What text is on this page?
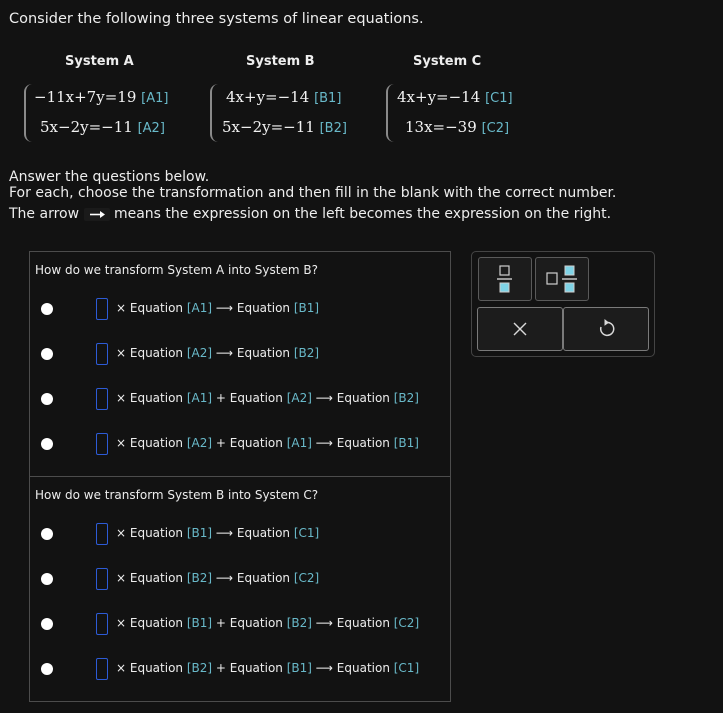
Consider the following three systems of linear equations.
System A
−11x+7y=19 [A1]
5x−2y=−11 [A2]
System B
4x+y=−14 [B1]
5x−2y=−11 [B2]
System C
4x+y=−14 [C1]
13x=−39 [C2]
Answer the questions below.
For each, choose the transformation and then fill in the blank with the correct number.
The arrow means the expression on the left becomes the expression on the right.
How do we transform System A into System B?
How do we transform System B into System C?
× Equation [A1] ⟶ Equation [B1]
× Equation [A2] ⟶ Equation [B2]
× Equation [A1] + Equation [A2] ⟶ Equation [B2]
× Equation [A2] + Equation [A1] ⟶ Equation [B1]
× Equation [B1] ⟶ Equation [C1]
× Equation [B2] ⟶ Equation [C2]
× Equation [B1] + Equation [B2] ⟶ Equation [C2]
× Equation [B2] + Equation [B1] ⟶ Equation [C1]
